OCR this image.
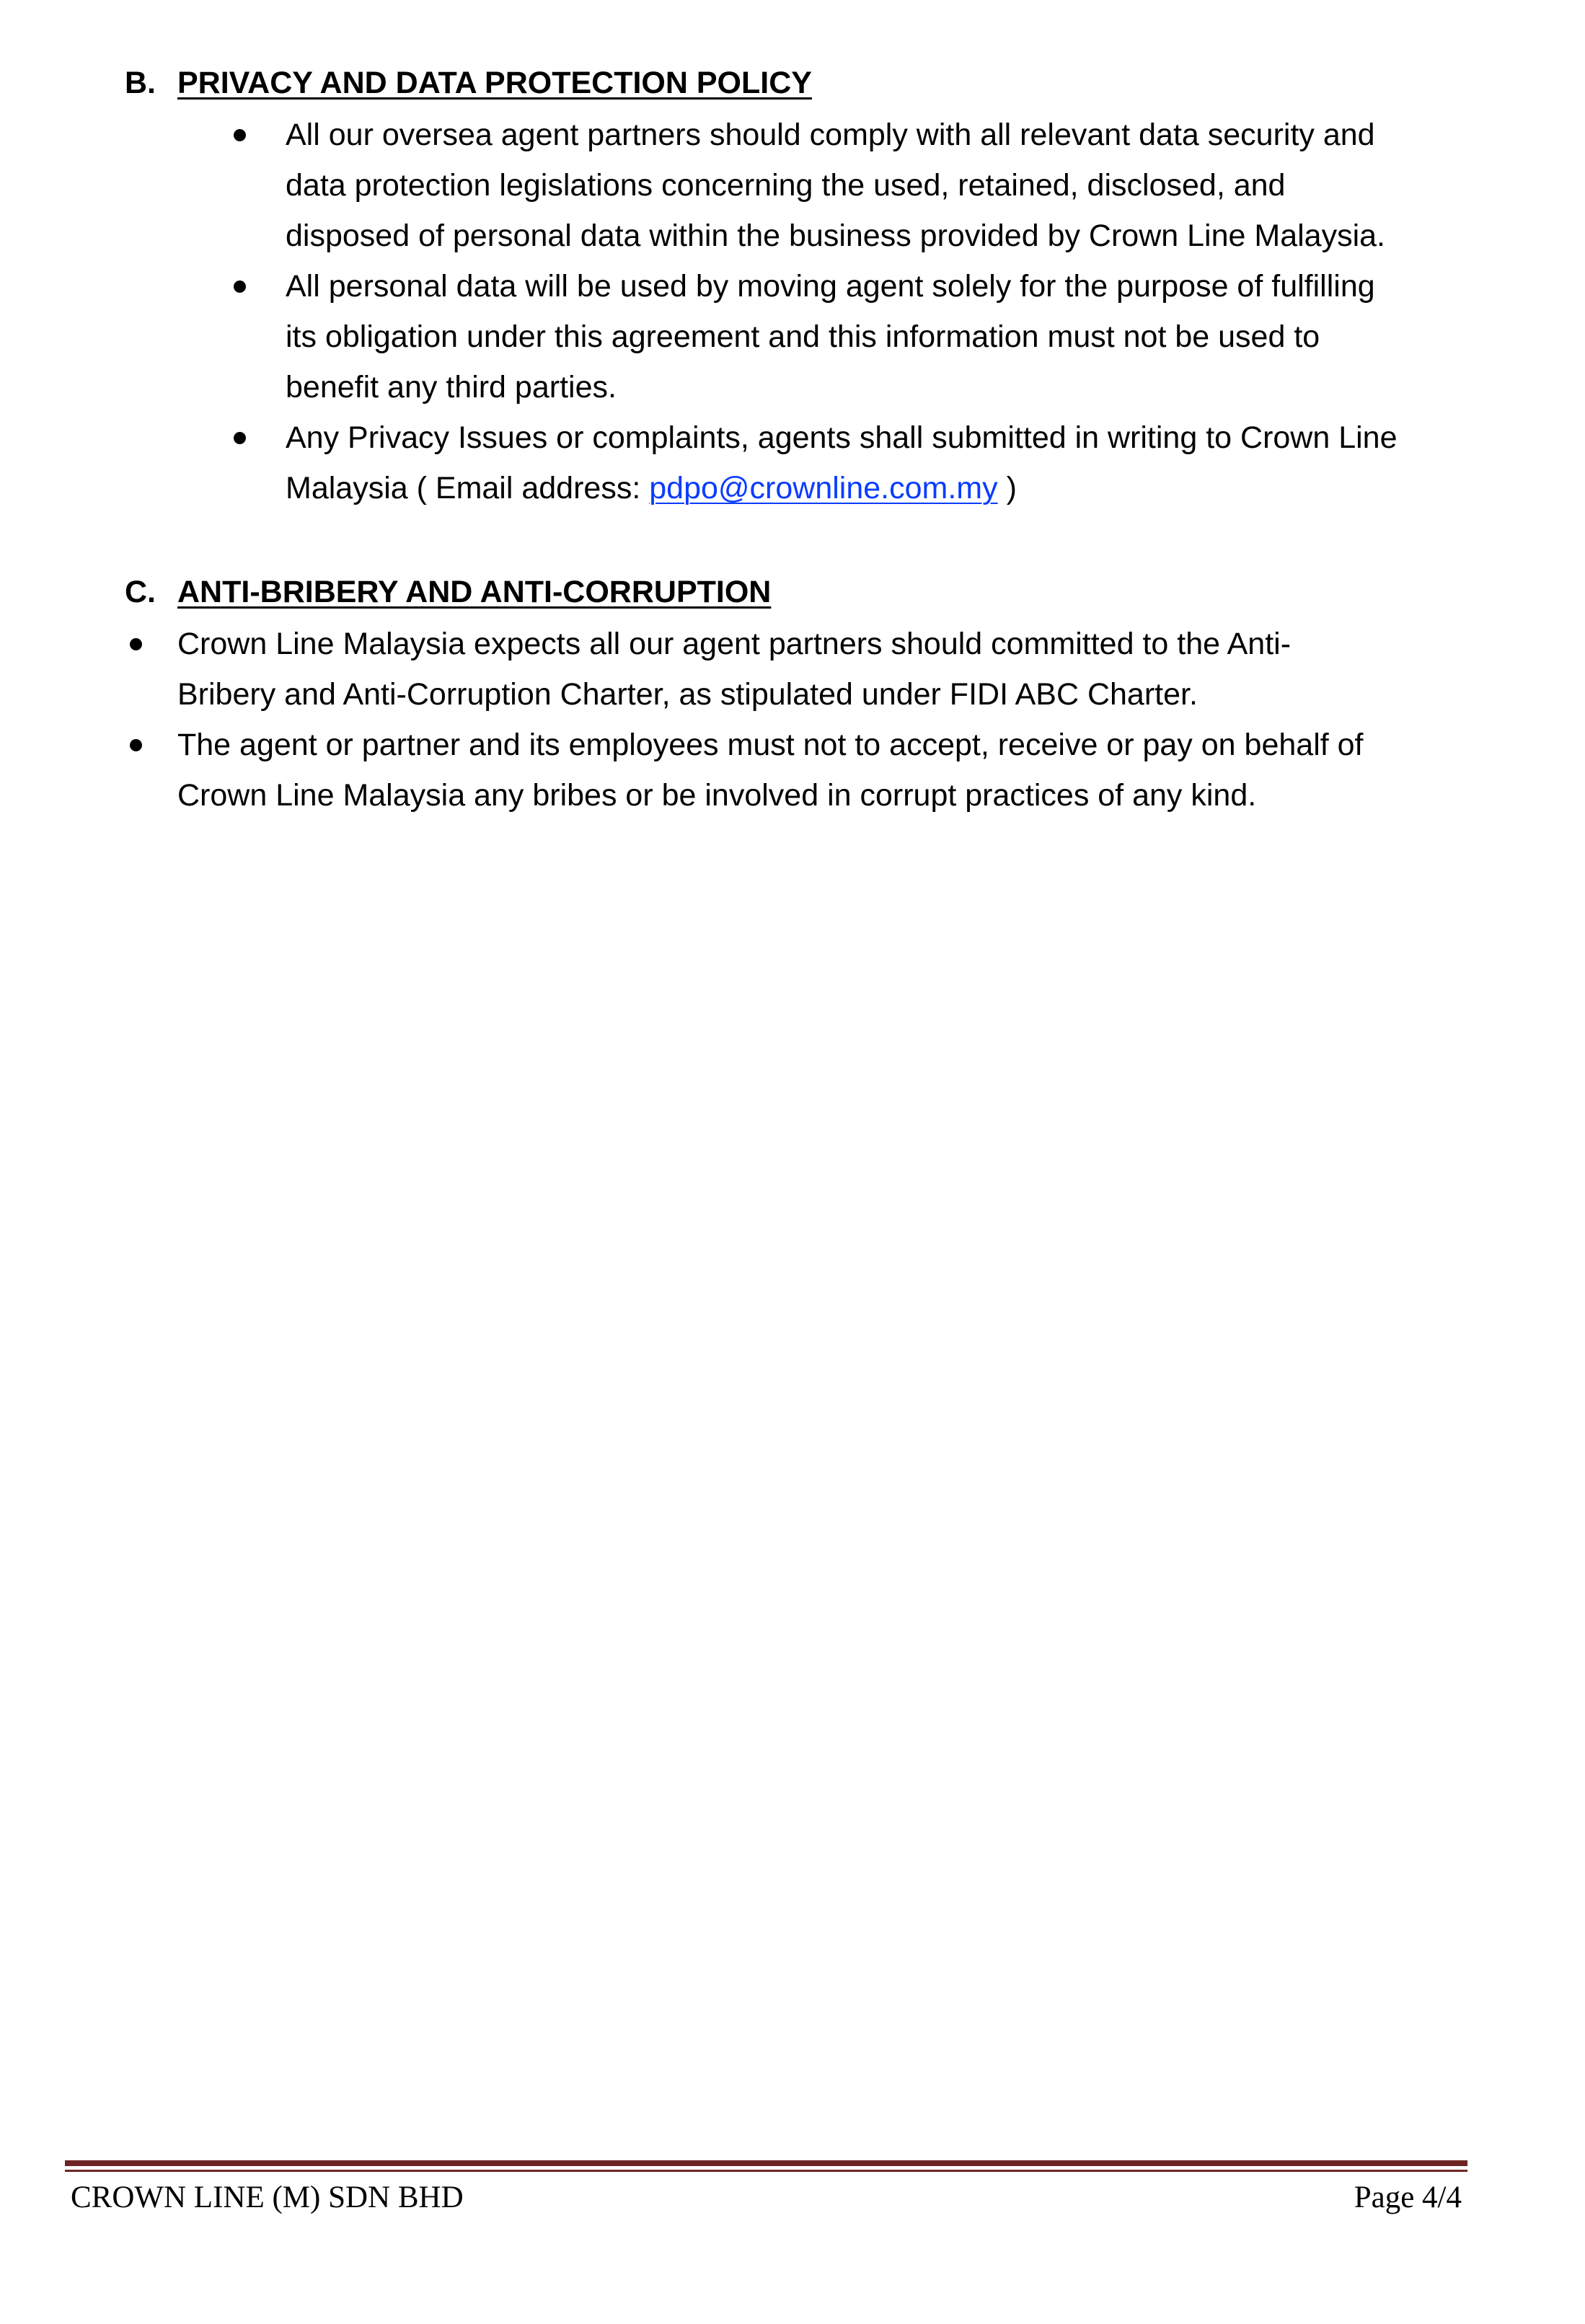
B. PRIVACY AND DATA PROTECTION POLICY
All our oversea agent partners should comply with all relevant data security and
data protection legislations concerning the used, retained, disclosed, and
disposed of personal data within the business provided by Crown Line Malaysia.
All personal data will be used by moving agent solely for the purpose of fulfilling
its obligation under this agreement and this information must not be used to
benefit any third parties.
Any Privacy Issues or complaints, agents shall submitted in writing to Crown Line
Malaysia ( Email address: pdpo@crownline.com.my )
C. ANTI-BRIBERY AND ANTI-CORRUPTION
Crown Line Malaysia expects all our agent partners should committed to the Anti-
Bribery and Anti-Corruption Charter, as stipulated under FIDI ABC Charter.
The agent or partner and its employees must not to accept, receive or pay on behalf of
Crown Line Malaysia any bribes or be involved in corrupt practices of any kind.
CROWN LINE (M) SDN BHD	Page 4/4
